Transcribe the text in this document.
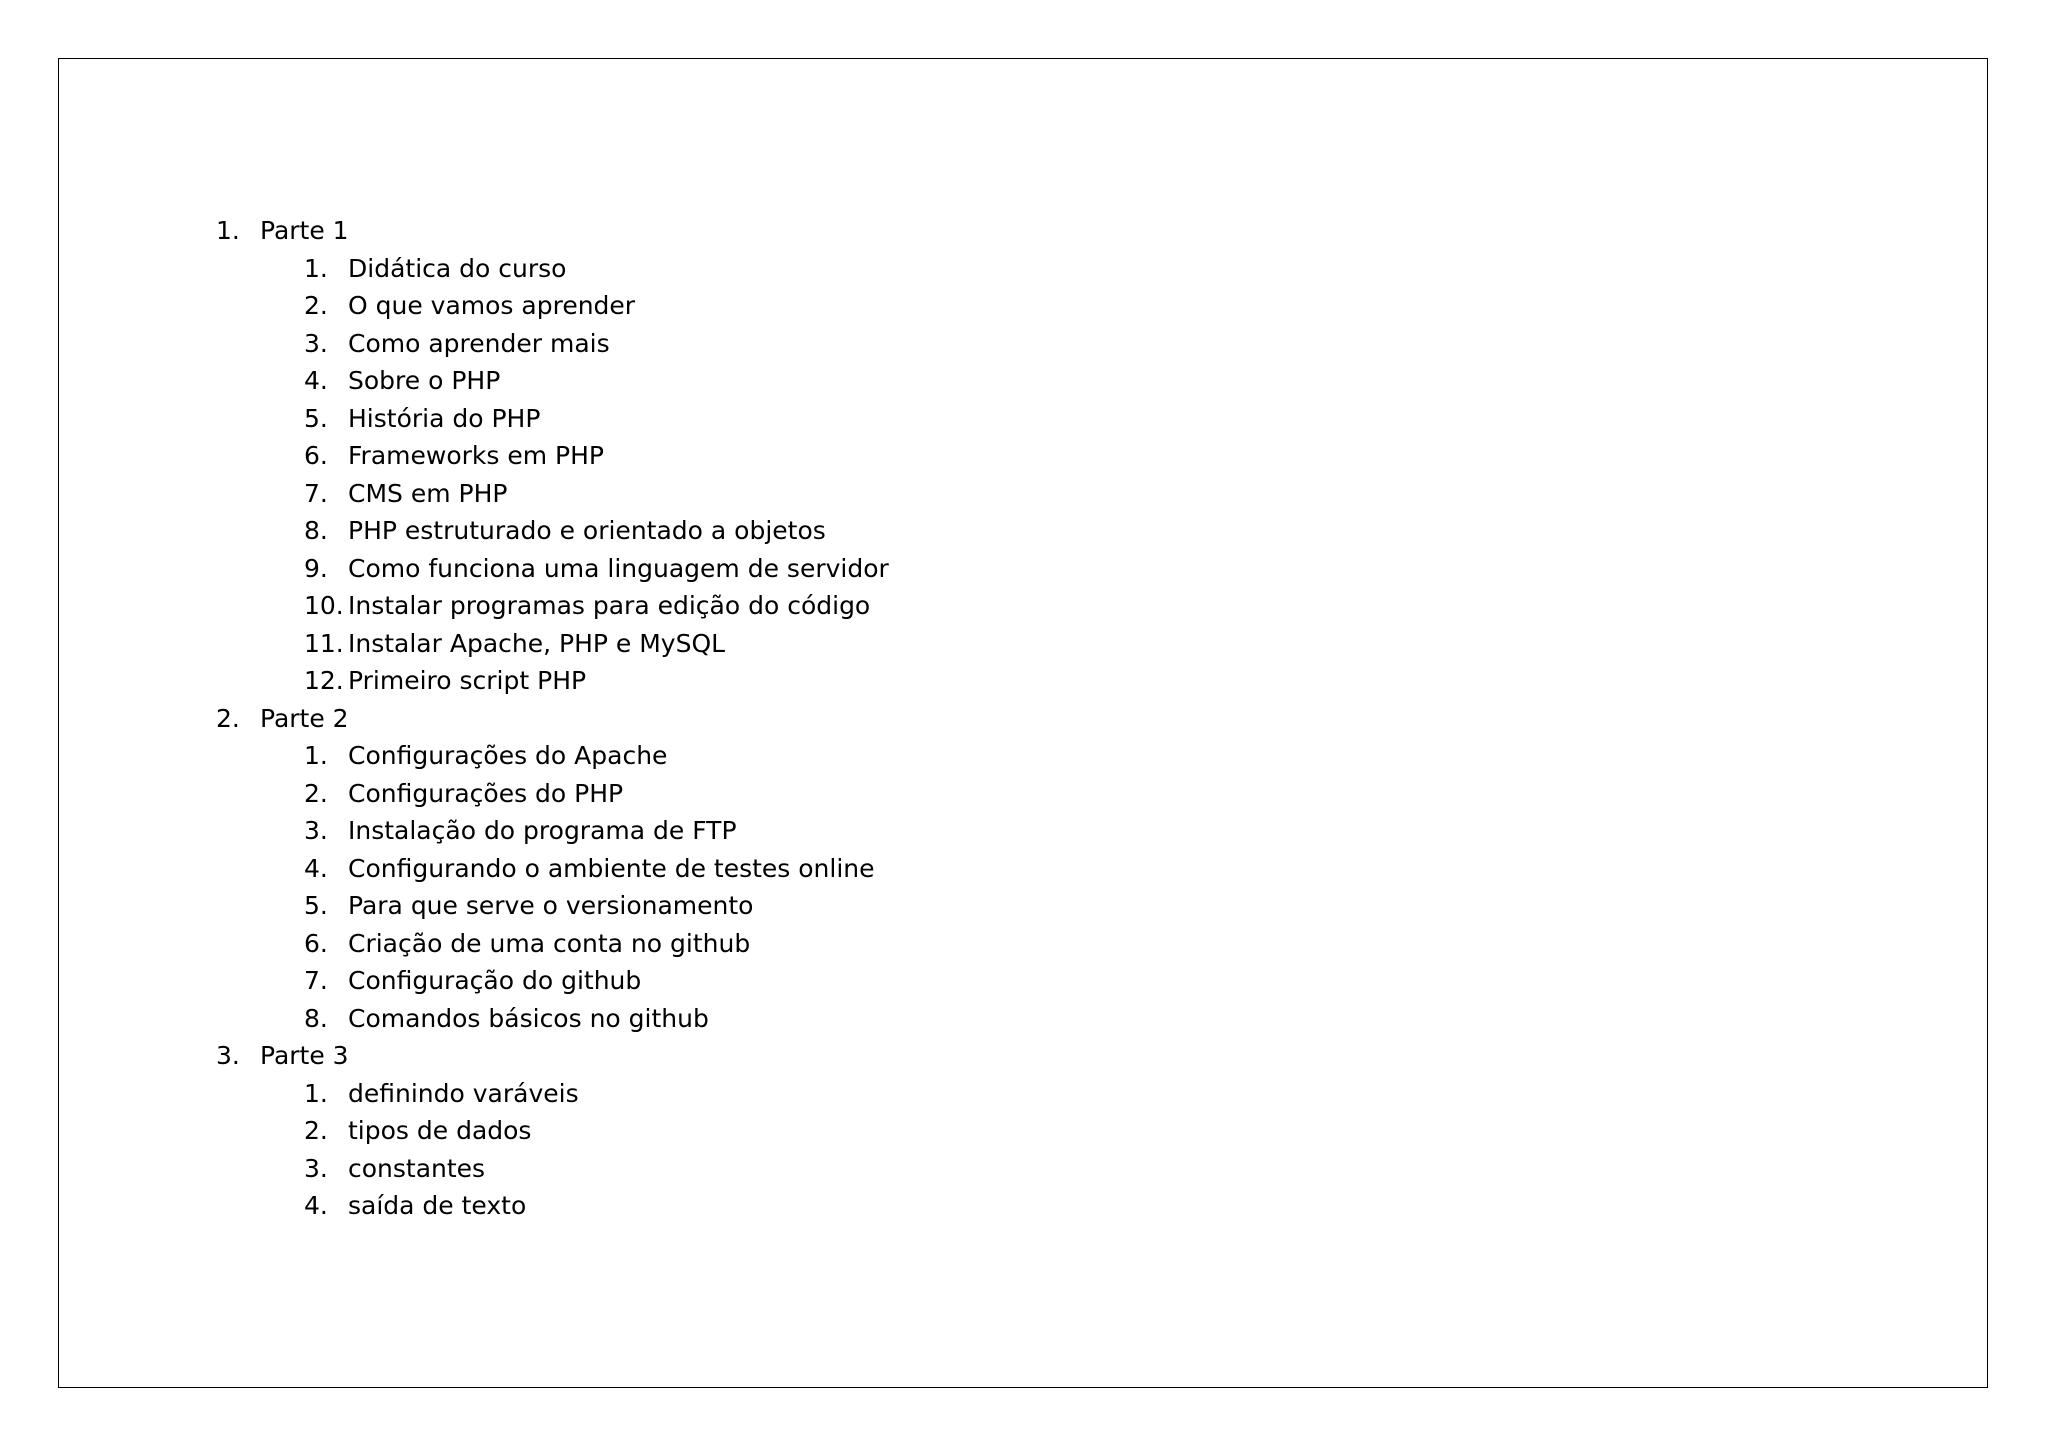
1. Parte 1
1. Didática do curso
2. O que vamos aprender
3. Como aprender mais
4. Sobre o PHP
5. História do PHP
6. Frameworks em PHP
7. CMS em PHP
8. PHP estruturado e orientado a objetos
9. Como funciona uma linguagem de servidor
10. Instalar programas para edição do código
11. Instalar Apache, PHP e MySQL
12. Primeiro script PHP
2. Parte 2
1. Configurações do Apache
2. Configurações do PHP
3. Instalação do programa de FTP
4. Configurando o ambiente de testes online
5. Para que serve o versionamento
6. Criação de uma conta no github
7. Configuração do github
8. Comandos básicos no github
3. Parte 3
1. definindo varáveis
2. tipos de dados
3. constantes
4. saída de texto
